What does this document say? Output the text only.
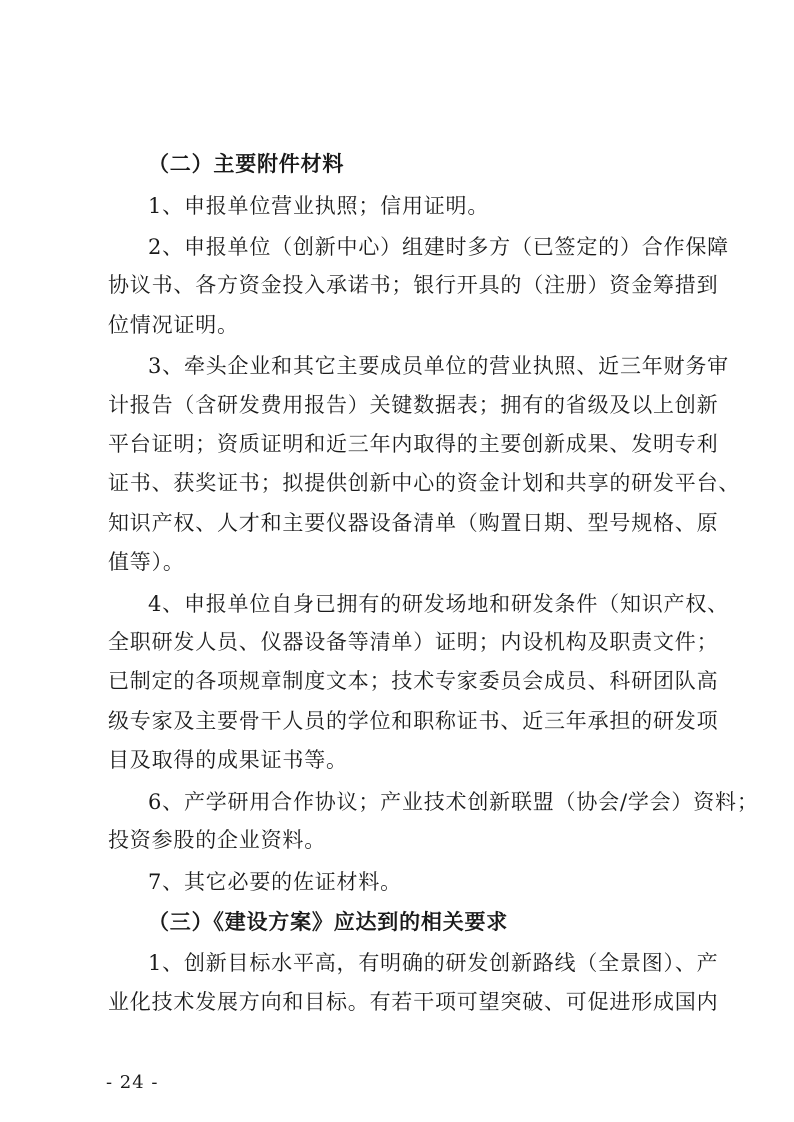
（二）主要附件材料
1、申报单位营业执照；信用证明。
2、申报单位（创新中心）组建时多方（已签定的）合作保障
协议书、各方资金投入承诺书；银行开具的（注册）资金筹措到
位情况证明。
3、牵头企业和其它主要成员单位的营业执照、近三年财务审
计报告（含研发费用报告）关键数据表；拥有的省级及以上创新
平台证明；资质证明和近三年内取得的主要创新成果、发明专利
证书、获奖证书；拟提供创新中心的资金计划和共享的研发平台、
知识产权、人才和主要仪器设备清单（购置日期、型号规格、原
值等）。
4、申报单位自身已拥有的研发场地和研发条件（知识产权、
全职研发人员、仪器设备等清单）证明；内设机构及职责文件；
已制定的各项规章制度文本；技术专家委员会成员、科研团队高
级专家及主要骨干人员的学位和职称证书、近三年承担的研发项
目及取得的成果证书等。
6、产学研用合作协议；产业技术创新联盟（协会/学会）资料；
投资参股的企业资料。
7、其它必要的佐证材料。
（三）《建设方案》应达到的相关要求
1、创新目标水平高，有明确的研发创新路线（全景图）、产
业化技术发展方向和目标。有若干项可望突破、可促进形成国内
- 24 -
